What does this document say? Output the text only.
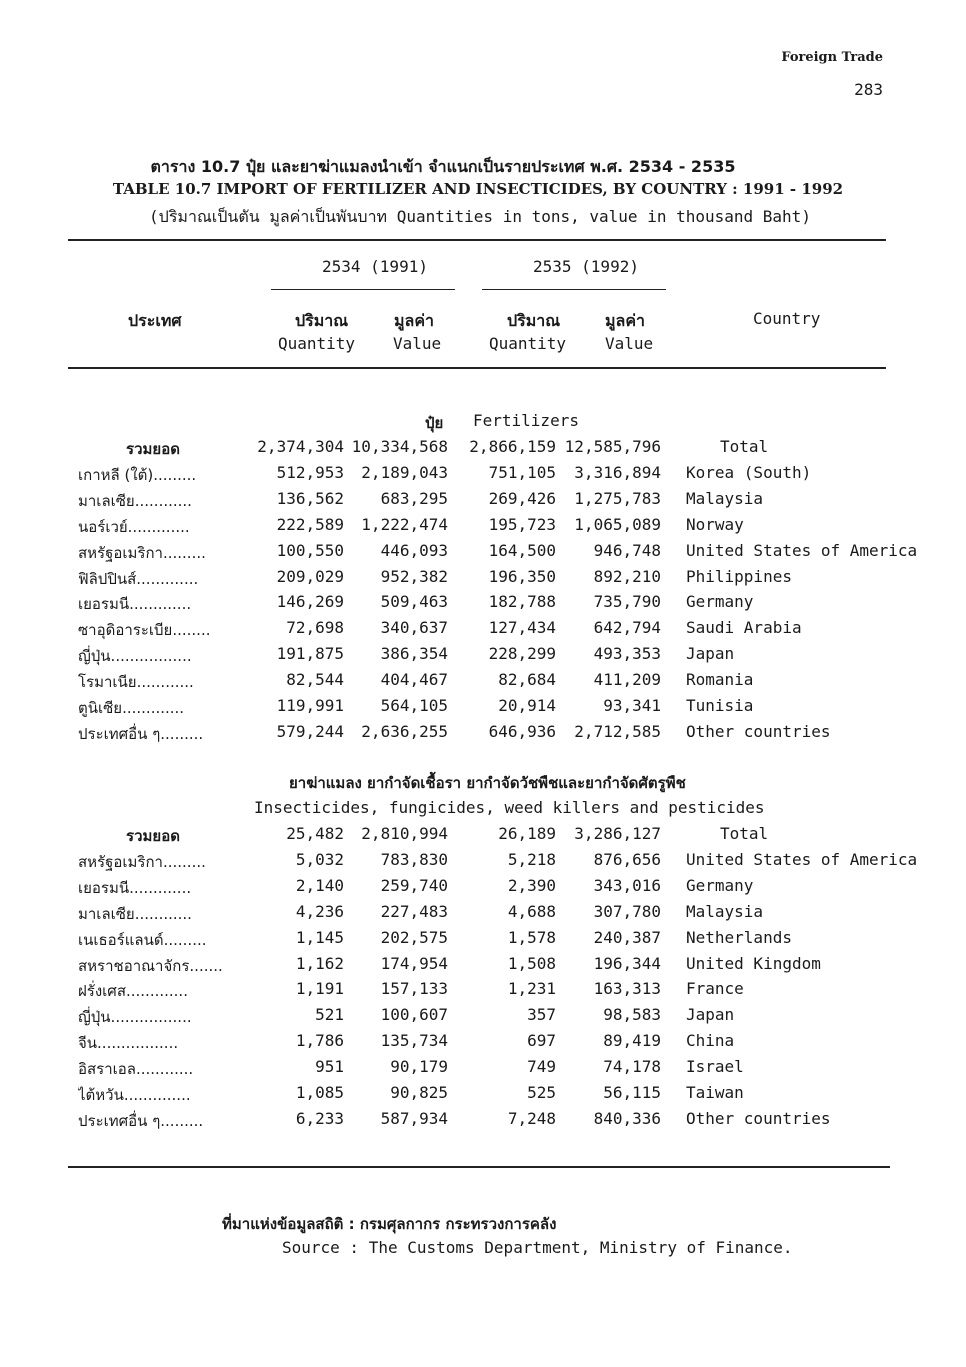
Foreign Trade
283
ตาราง 10.7 ปุ๋ย และยาฆ่าแมลงนำเข้า จำแนกเป็นรายประเทศ พ.ศ. 2534 - 2535
TABLE 10.7 IMPORT OF FERTILIZER AND INSECTICIDES, BY COUNTRY : 1991 - 1992
(ปริมาณเป็นตัน มูลค่าเป็นพันบาท Quantities in tons, value in thousand Baht)
2534 (1991)	2535 (1992)
ประเทศ	ปริมาณ	มูลค่า	ปริมาณ	มูลค่า	Country
Quantity Value	Quantity Value
ปุ๋ย Fertilizers
รวมยอด	2,374,304 10,334,568 2,866,159 12,585,796	Total
เกาหลี (ใต้).........	512,953 2,189,043	751,105 3,316,894 Korea (South)
มาเลเซีย............	136,562 683,295	269,426 1,275,783 Malaysia
นอร์เวย์.............	222,589 1,222,474	195,723 1,065,089 Norway
สหรัฐอเมริกา.........	100,550 446,093	164,500 946,748 United States of America
ฟิลิปปินส์.............	209,029 952,382	196,350 892,210 Philippines
เยอรมนี.............	146,269 509,463	182,788 735,790 Germany
ซาอุดิอาระเบีย........	72,698 340,637	127,434 642,794 Saudi Arabia
ญี่ปุ่น.................	191,875 386,354	228,299 493,353 Japan
โรมาเนีย............	82,544 404,467	82,684 411,209 Romania
ตูนิเซีย.............	119,991 564,105	20,914	93,341 Tunisia
ประเทศอื่น ๆ.........	579,244 2,636,255	646,936 2,712,585 Other countries
ยาฆ่าแมลง ยากำจัดเชื้อรา ยากำจัดวัชพืชและยากำจัดศัตรูพืช
Insecticides, fungicides, weed killers and pesticides
รวมยอด	25,482 2,810,994	26,189 3,286,127	Total
สหรัฐอเมริกา.........	5,032 783,830	5,218 876,656 United States of America
เยอรมนี.............	2,140 259,740	2,390 343,016 Germany
มาเลเซีย............	4,236 227,483	4,688 307,780 Malaysia
เนเธอร์แลนด์.........	1,145 202,575	1,578 240,387 Netherlands
สหราชอาณาจักร.......	1,162 174,954	1,508 196,344 United Kingdom
ฝรั่งเศส.............	1,191 157,133	1,231 163,313 France
ญี่ปุ่น.................	521 100,607	357	98,583 Japan
จีน.................	1,786 135,734	697	89,419 China
อิสราเอล............	951	90,179	749	74,178 Israel
ไต้หวัน..............	1,085	90,825	525	56,115 Taiwan
ประเทศอื่น ๆ.........	6,233 587,934	7,248 840,336 Other countries
ที่มาแห่งข้อมูลสถิติ : กรมศุลกากร กระทรวงการคลัง
Source : The Customs Department, Ministry of Finance.
